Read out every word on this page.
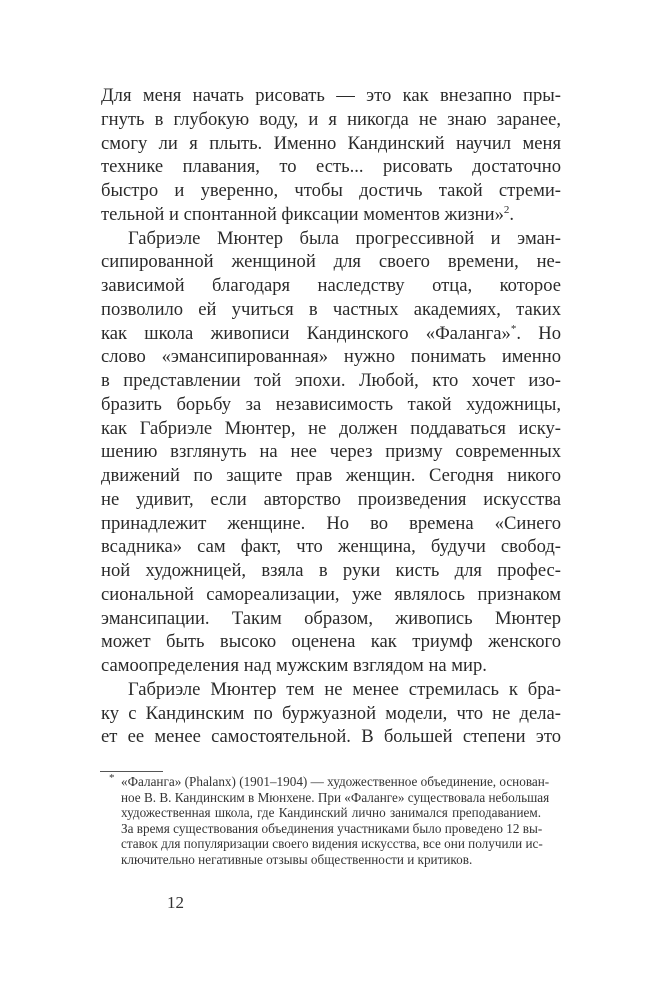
Для меня начать рисовать — это как внезапно пры-
гнуть в глубокую воду, и я никогда не знаю заранее,
смогу ли я плыть. Именно Кандинский научил меня
технике плавания, то есть... рисовать достаточно
быстро и уверенно, чтобы достичь такой стреми-
тельной и спонтанной фиксации моментов жизни»$^2$.
Габриэле Мюнтер была прогрессивной и эман-
сипированной женщиной для своего времени, не-
зависимой благодаря наследству отца, которое
позволило ей учиться в частных академиях, таких
как школа живописи Кандинского «Фаланга»*. Но
слово «эмансипированная» нужно понимать именно
в представлении той эпохи. Любой, кто хочет изо-
бразить борьбу за независимость такой художницы,
как Габриэле Мюнтер, не должен поддаваться иску-
шению взглянуть на нее через призму современных
движений по защите прав женщин. Сегодня никого
не удивит, если авторство произведения искусства
принадлежит женщине. Но во времена «Синего
всадника» сам факт, что женщина, будучи свобод-
ной художницей, взяла в руки кисть для профес-
сиональной самореализации, уже являлось признаком
эмансипации. Таким образом, живопись Мюнтер
может быть высоко оценена как триумф женского
самоопределения над мужским взглядом на мир.
Габриэле Мюнтер тем не менее стремилась к бра-
ку с Кандинским по буржуазной модели, что не дела-
ет ее менее самостоятельной. В большей степени это
* «Фаланга» (Phalanx) (1901–1904) — художественное объединение, основан-
ное В. В. Кандинским в Мюнхене. При «Фаланге» существовала небольшая
художественная школа, где Кандинский лично занимался преподаванием.
За время существования объединения участниками было проведено 12 вы-
ставок для популяризации своего видения искусства, все они получили ис-
ключительно негативные отзывы общественности и критиков.
12
